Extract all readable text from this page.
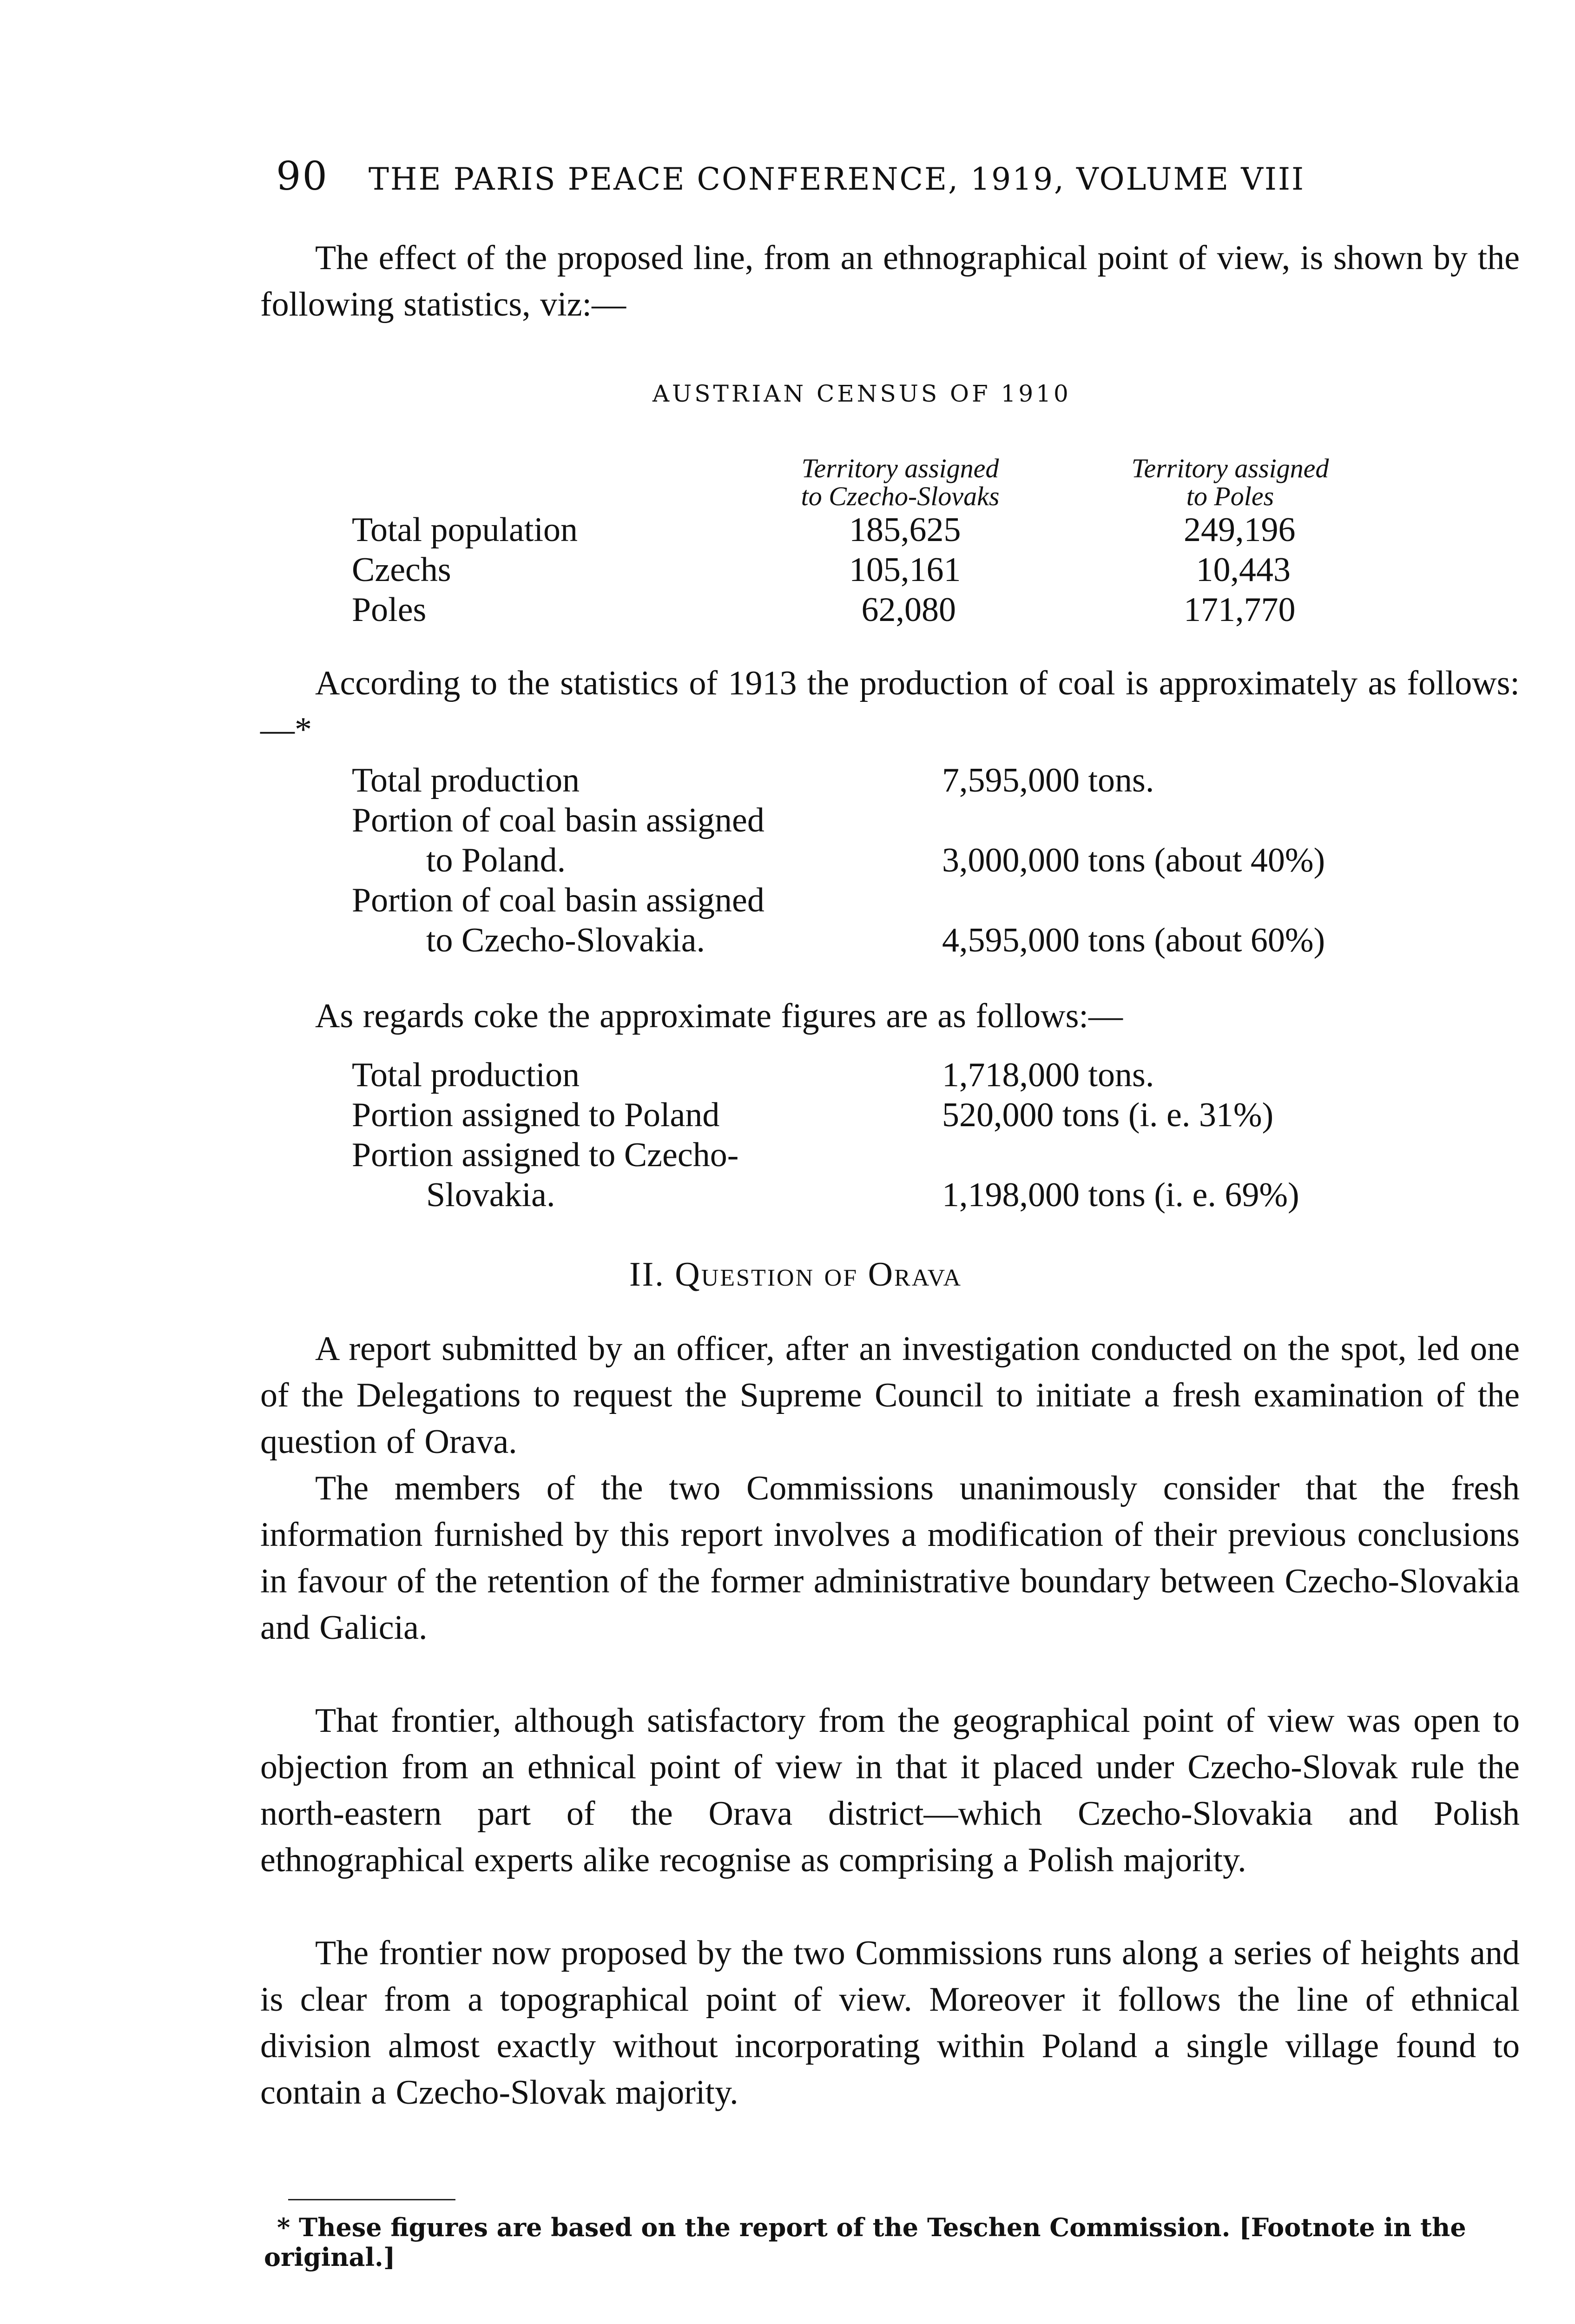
90 THE PARIS PEACE CONFERENCE, 1919, VOLUME VIII
The effect of the proposed line, from an ethnographical point of view, is shown by the following statistics, viz:—
AUSTRIAN CENSUS OF 1910
Territory assigned
to Czecho-Slovaks
Territory assigned
to Poles
Total population	185,625	249,196
Czechs	105,161	10,443
Poles	62,080	171,770
According to the statistics of 1913 the production of coal is approximately as follows:—*
Total production	7,595,000 tons.
Portion of coal basin assigned
to Poland.	3,000,000 tons (about 40%)
Portion of coal basin assigned
to Czecho-Slovakia.	4,595,000 tons (about 60%)
As regards coke the approximate figures are as follows:—
Total production	1,718,000 tons.
Portion assigned to Poland	520,000 tons (i. e. 31%)
Portion assigned to Czecho-
Slovakia.	1,198,000 tons (i. e. 69%)
II. Question of Orava
A report submitted by an officer, after an investigation conducted on the spot, led one of the Delegations to request the Supreme Council to initiate a fresh examination of the question of Orava.
The members of the two Commissions unanimously consider that the fresh information furnished by this report involves a modification of their previous conclusions in favour of the retention of the former administrative boundary between Czecho-Slovakia and Galicia.
That frontier, although satisfactory from the geographical point of view was open to objection from an ethnical point of view in that it placed under Czecho-Slovak rule the north-eastern part of the Orava district—which Czecho-Slovakia and Polish ethnographical experts alike recognise as comprising a Polish majority.
The frontier now proposed by the two Commissions runs along a series of heights and is clear from a topographical point of view. Moreover it follows the line of ethnical division almost exactly without incorporating within Poland a single village found to contain a Czecho-Slovak majority.
* These figures are based on the report of the Teschen Commission. [Footnote in the original.]
